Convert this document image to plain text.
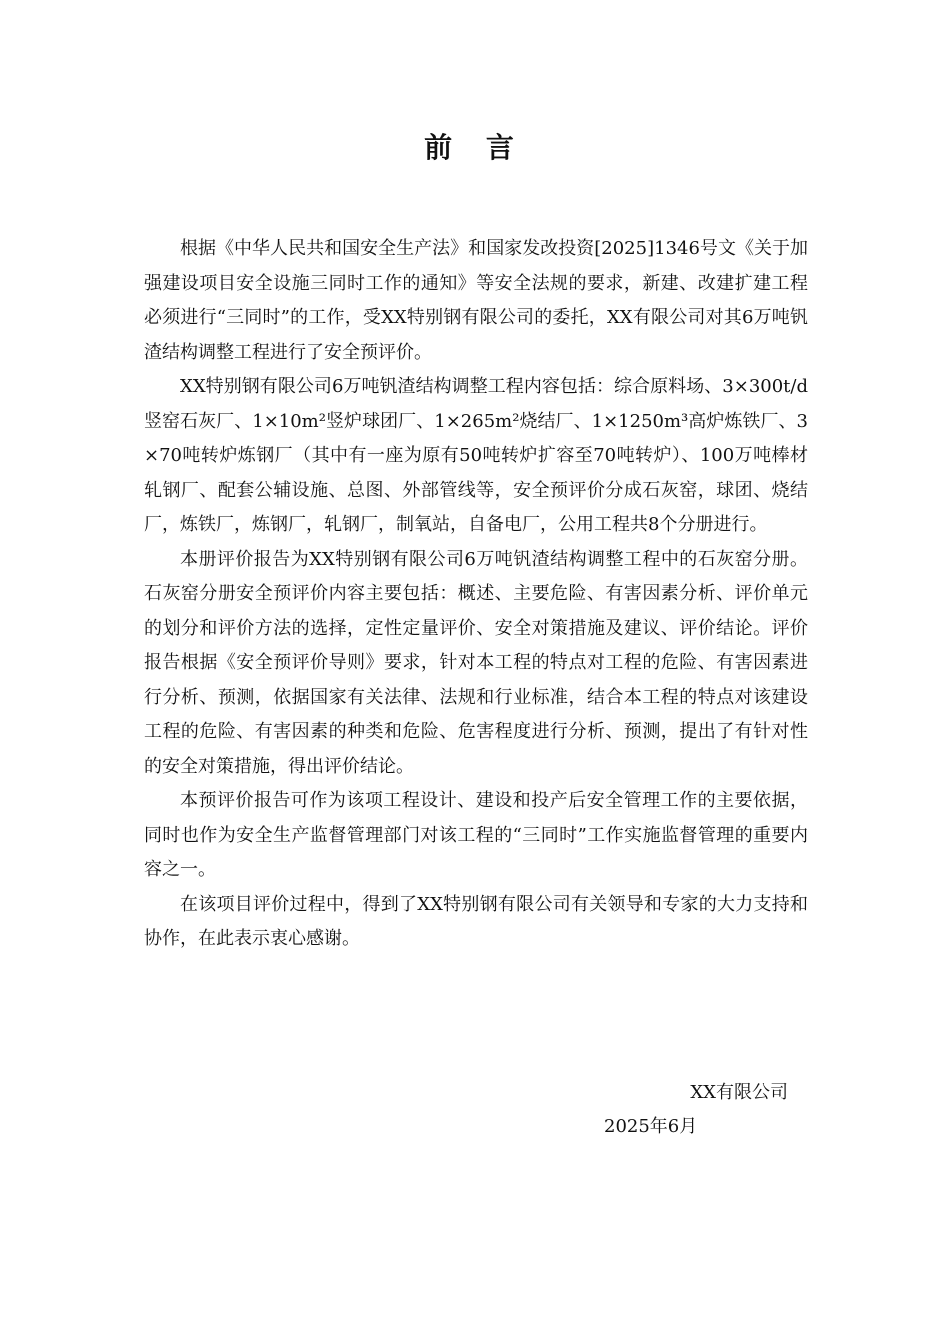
前 言

根据《中华人民共和国安全生产法》和国家发改投资[2025]1346号文《关于加强建设项目安全设施三同时工作的通知》等安全法规的要求，新建、改建扩建工程必须进行“三同时”的工作，受XX特别钢有限公司的委托，XX有限公司对其6万吨钒渣结构调整工程进行了安全预评价。

XX特别钢有限公司6万吨钒渣结构调整工程内容包括：综合原料场、3×300t/d竖窑石灰厂、1×10m²竖炉球团厂、1×265m²烧结厂、1×1250m³高炉炼铁厂、3×70吨转炉炼钢厂（其中有一座为原有50吨转炉扩容至70吨转炉）、100万吨棒材轧钢厂、配套公辅设施、总图、外部管线等，安全预评价分成石灰窑，球团、烧结厂，炼铁厂，炼钢厂，轧钢厂，制氧站，自备电厂，公用工程共8个分册进行。

本册评价报告为XX特别钢有限公司6万吨钒渣结构调整工程中的石灰窑分册。石灰窑分册安全预评价内容主要包括：概述、主要危险、有害因素分析、评价单元的划分和评价方法的选择，定性定量评价、安全对策措施及建议、评价结论。评价报告根据《安全预评价导则》要求，针对本工程的特点对工程的危险、有害因素进行分析、预测，依据国家有关法律、法规和行业标准，结合本工程的特点对该建设工程的危险、有害因素的种类和危险、危害程度进行分析、预测，提出了有针对性的安全对策措施，得出评价结论。

本预评价报告可作为该项工程设计、建设和投产后安全管理工作的主要依据，同时也作为安全生产监督管理部门对该工程的“三同时”工作实施监督管理的重要内容之一。

在该项目评价过程中，得到了XX特别钢有限公司有关领导和专家的大力支持和协作，在此表示衷心感谢。

XX有限公司
2025年6月
